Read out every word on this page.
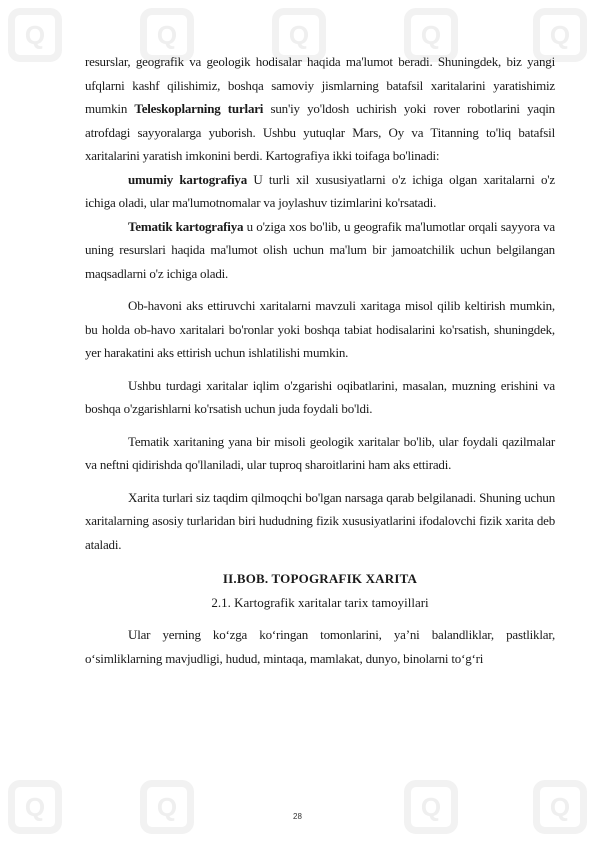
Q	Q	Q	Q	Q
Q	Q	Q	Q

resurslar, geografik va geologik hodisalar haqida ma'lumot beradi. Shuningdek, biz yangi ufqlarni kashf qilishimiz, boshqa samoviy jismlarning batafsil xaritalarini yaratishimiz mumkin Teleskoplarning turlari sun'iy yo'ldosh uchirish yoki rover robotlarini yaqin atrofdagi sayyoralarga yuborish. Ushbu yutuqlar Mars, Oy va Titanning to'liq batafsil xaritalarini yaratish imkonini berdi. Kartografiya ikki toifaga bo'linadi:

umumiy kartografiya U turli xil xususiyatlarni o'z ichiga olgan xaritalarni o'z ichiga oladi, ular ma'lumotnomalar va joylashuv tizimlarini ko'rsatadi.

Tematik kartografiya u o'ziga xos bo'lib, u geografik ma'lumotlar orqali sayyora va uning resurslari haqida ma'lumot olish uchun ma'lum bir jamoatchilik uchun belgilangan maqsadlarni o'z ichiga oladi.

Ob-havoni aks ettiruvchi xaritalarni mavzuli xaritaga misol qilib keltirish mumkin, bu holda ob-havo xaritalari bo'ronlar yoki boshqa tabiat hodisalarini ko'rsatish, shuningdek, yer harakatini aks ettirish uchun ishlatilishi mumkin.

Ushbu turdagi xaritalar iqlim o'zgarishi oqibatlarini, masalan, muzning erishini va boshqa o'zgarishlarni ko'rsatish uchun juda foydali bo'ldi.

Tematik xaritaning yana bir misoli geologik xaritalar bo'lib, ular foydali qazilmalar va neftni qidirishda qo'llaniladi, ular tuproq sharoitlarini ham aks ettiradi.

Xarita turlari siz taqdim qilmoqchi bo'lgan narsaga qarab belgilanadi. Shuning uchun xaritalarning asosiy turlaridan biri hududning fizik xususiyatlarini ifodalovchi fizik xarita deb ataladi.

II.BOB. TOPOGRAFIK XARITA
2.1. Kartografik xaritalar tarix tamoyillari

Ular yerning ko‘zga ko‘ringan tomonlarini, ya’ni balandliklar, pastliklar, o‘simliklarning mavjudligi, hudud, mintaqa, mamlakat, dunyo, binolarni to‘g‘ri

28
